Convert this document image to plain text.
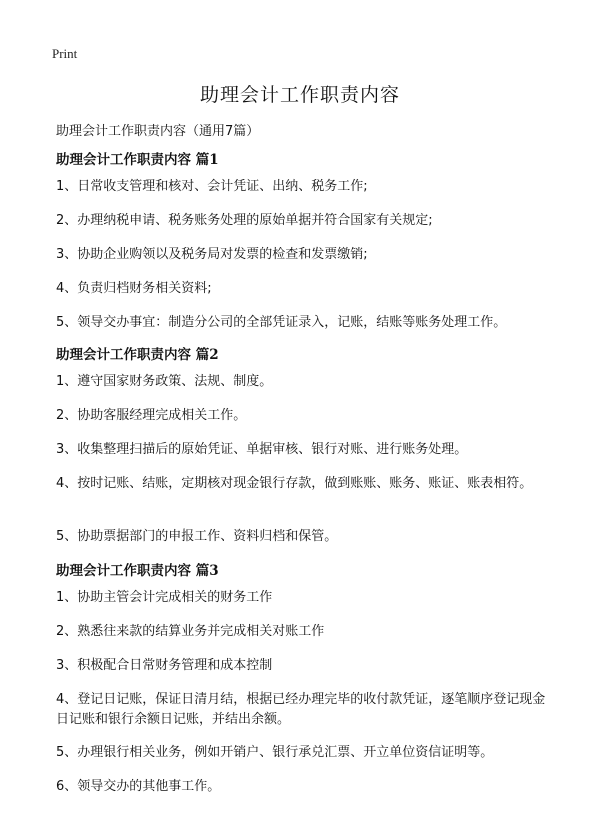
Print
助理会计工作职责内容
助理会计工作职责内容（通用7篇）

助理会计工作职责内容 篇1

1、日常收支管理和核对、会计凭证、出纳、税务工作;

2、办理纳税申请、税务账务处理的原始单据并符合国家有关规定;

3、协助企业购领以及税务局对发票的检查和发票缴销;

4、负责归档财务相关资料;

5、领导交办事宜：制造分公司的全部凭证录入，记账，结账等账务处理工作。

助理会计工作职责内容 篇2

1、遵守国家财务政策、法规、制度。

2、协助客服经理完成相关工作。

3、收集整理扫描后的原始凭证、单据审核、银行对账、进行账务处理。

4、按时记账、结账，定期核对现金银行存款，做到账账、账务、账证、账表相符。

5、协助票据部门的申报工作、资料归档和保管。

助理会计工作职责内容 篇3

1、协助主管会计完成相关的财务工作

2、熟悉往来款的结算业务并完成相关对账工作

3、积极配合日常财务管理和成本控制

4、登记日记账，保证日清月结，根据已经办理完毕的收付款凭证，逐笔顺序登记现金日记账和银行余额日记账，并结出余额。

5、办理银行相关业务，例如开销户、银行承兑汇票、开立单位资信证明等。

6、领导交办的其他事工作。
